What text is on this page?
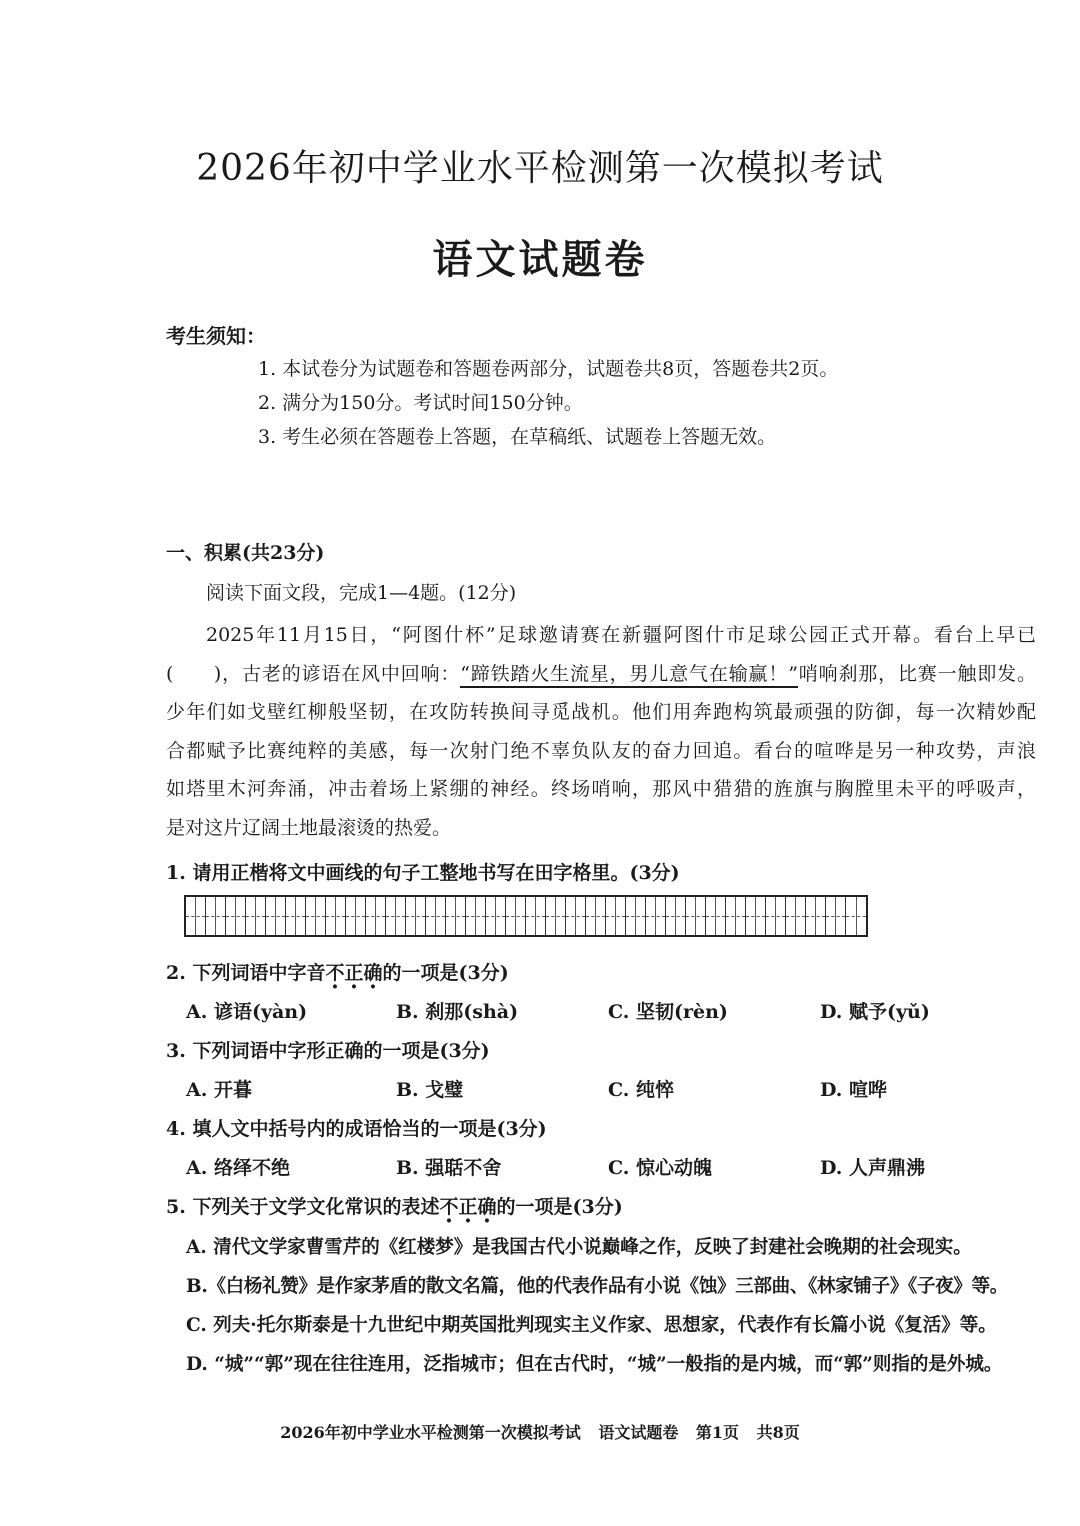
2026年初中学业水平检测第一次模拟考试
语文试题卷
考生须知：
1. 本试卷分为试题卷和答题卷两部分，试题卷共8页，答题卷共2页。
2. 满分为150分。考试时间150分钟。
3. 考生必须在答题卷上答题，在草稿纸、试题卷上答题无效。
一、积累(共23分)
阅读下面文段，完成1—4题。(12分)

2025年11月15日，“阿图什杯”足球邀请赛在新疆阿图什市足球公园正式开幕。看台上早已

(　　)，古老的谚语在风中回响：“蹄铁踏火生流星，男儿意气在输赢！”哨响刹那，比赛一触即发。

少年们如戈壁红柳般坚韧，在攻防转换间寻觅战机。他们用奔跑构筑最顽强的防御，每一次精妙配

合都赋予比赛纯粹的美感，每一次射门绝不辜负队友的奋力回追。看台的喧哗是另一种攻势，声浪

如塔里木河奔涌，冲击着场上紧绷的神经。终场哨响，那风中猎猎的旌旗与胸膛里未平的呼吸声，

是对这片辽阔土地最滚烫的热爱。

1. 请用正楷将文中画线的句子工整地书写在田字格里。(3分)
2. 下列词语中字音不正确的一项是(3分)
A. 谚语(yàn)	B. 刹那(shà)	C. 坚韧(rèn)	D. 赋予(yǔ)
3. 下列词语中字形正确的一项是(3分)
A. 开暮	B. 戈璧	C. 纯悴	D. 喧哗
4. 填人文中括号内的成语恰当的一项是(3分)
A. 络绎不绝	B. 强聒不舍	C. 惊心动魄	D. 人声鼎沸
5. 下列关于文学文化常识的表述不正确的一项是(3分)
A. 清代文学家曹雪芹的《红楼梦》是我国古代小说巅峰之作，反映了封建社会晚期的社会现实。
B.《白杨礼赞》是作家茅盾的散文名篇，他的代表作品有小说《蚀》三部曲、《林家铺子》《子夜》等。
C. 列夫·托尔斯泰是十九世纪中期英国批判现实主义作家、思想家，代表作有长篇小说《复活》等。
D. “城”“郭”现在往往连用，泛指城市；但在古代时，“城”一般指的是内城，而“郭”则指的是外城。
2026年初中学业水平检测第一次模拟考试 语文试题卷 第1页 共8页
